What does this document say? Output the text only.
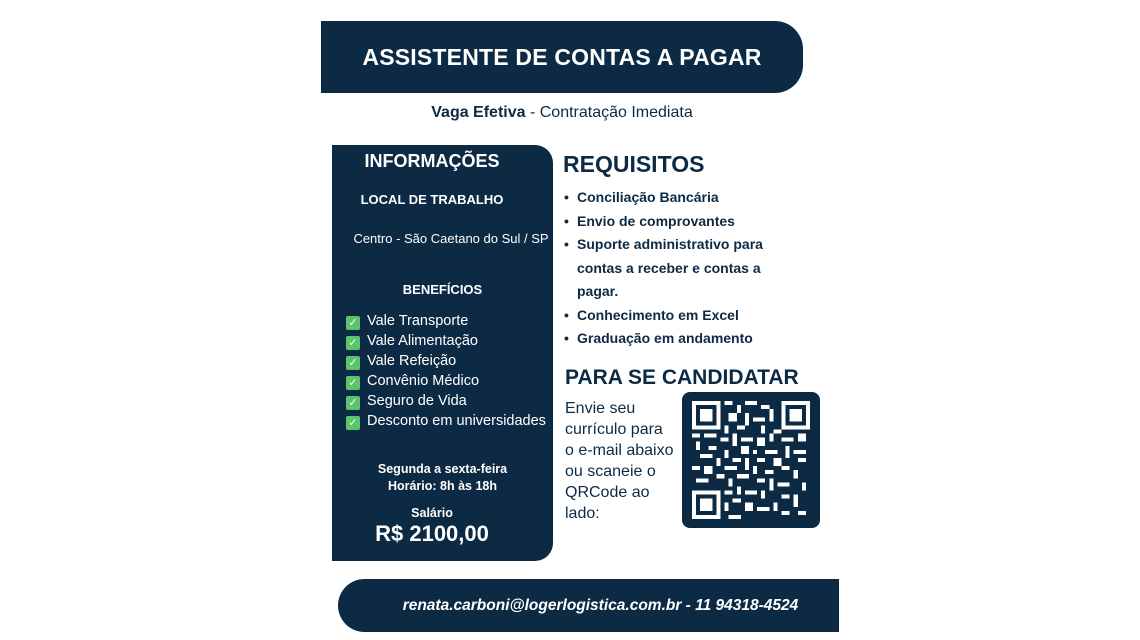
ASSISTENTE DE CONTAS A PAGAR
Vaga Efetiva - Contratação Imediata
INFORMAÇÕES
LOCAL DE TRABALHO
Centro - São Caetano do Sul / SP
BENEFÍCIOS
✓ Vale Transporte
✓ Vale Alimentação
✓ Vale Refeição
✓ Convênio Médico
✓ Seguro de Vida
✓ Desconto em universidades
Segunda a sexta-feira
Horário: 8h às 18h
Salário
R$ 2100,00
REQUISITOS
• Conciliação Bancária
• Envio de comprovantes
• Suporte administrativo para contas a receber e contas a pagar.
• Conhecimento em Excel
• Graduação em andamento
PARA SE CANDIDATAR
Envie seu currículo para o e-mail abaixo ou scaneie o QRCode ao lado:
renata.carboni@logerlogistica.com.br - 11 94318-4524
